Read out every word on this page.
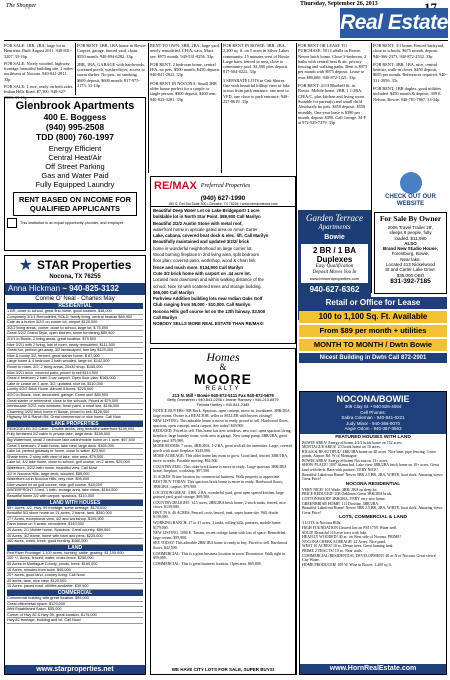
The Shopper	Thursday, September 26, 2013
Real Estate

FOR SALE: 1BR, 2BA, large lot in Henrietta. Built August 2011. 940-841-3207. 33-16p

FOR SALE: Nicely wooded, highway frontage, beautiful building site. 2 miles northwest of Nocona. 940-841-2811. 33p

FOR SALE: 1 acre, ready on both sides. Indian Hills Road. $7,500. 940-327-2333. 33-16p

FOR RENT: 1BR, 1BA house in Bowie. Carport, garage, fenced yard, clean. $550 month. 940-894-6282. 33p

2BR, 1BA, GARAGE with hardwoods, screened porch, washer/dryer, access to storm shelter. No pets, no smoking. $600 deposit, $600 month. 817-975-2173. 33-14p

RENT TO OWN: 3BR, 2BA, large yard, newly remodeled. CH/A, vacs. Must see. $975 month. 940-531-8256. 33p

FOR RENT: 2 bedroom home, central H/A, no pets. $500 month, $450 deposit. 940-841-2822. 33p

FOR RENT IN NOCONA: Small 2BR older house perfect for a couple or single person. $300 deposit, $400 rent. 940-825-3281. 33p

FOR RENT IN BOWIE: 3BR, 2BA, 2,200 sq. ft. on 5 acres in Silver Lakes community. 15 minutes west of Bowie. Large barn, fenced in area, close to community pool. $1,500 plus deposit. 817-504-0222. 33p

3 SEPARATE LOTS in Oak Shores. One with beautiful hilltop view of lake across from park entrance, one next to VFD, one close to park entrance. 940-257-8619. 33p

FOR RENT OR LEASE TO PURCHASE: 501 LaSalle in Bowie. Newer brick home. Close 3-bedroom, 2 baths with central heat & air, privacy fencing and walking paths. Rent is $975 per month with $975 deposit. Lease to own $80,000. 940-872-1421. 33p

FOR RENT: 2113 Bluebell St. in Bowie. Mobile home, 2BR, 1 1/2BA, CH/A/C, plus kitchen and living room. Suitable for parent(s) and small child. Absolutely no pets. $450 deposit. $550 monthly. One-year lease is $390 per month, deposit $390. Call George. M-F at 972-529-7279. 33p

FOR RENT: 3/1 home. Fenced backyard, close to schools. $675 month, deposit. 940-366-2373, 940-872-2532. 33p

FOR RENT: 3BR, 1BA, nice, central heat/air, walk-in closet. $450 deposit, $695 per month. References required. 940-531-2056. 33c

FOR RENT: 1BR duplex, good utilities included. $450 month & deposit. 309 E. Nelson, Bowie. 940-781-7867. 33-34p

Glenbrook Apartments
400 E. Boggess
(940) 995-2508
TDD (800) 760-1997
Energy Efficient
Central Heat/Air
Off Street Parking
Gas and Water Paid
Fully Equipped Laundry
RENT BASED ON INCOME FOR QUALIFIED APPLICANTS
This institution is an equal opportunity provider, and employer
RE/MAX Preferred Properties
(940) 627-1990
150 S. Del Sol Suite 300 • Decatur, TX 76234 • www.remaxntexas.com
Beautiful Deep Water Lot on Lake Bridgeport! 1 acre
buildable lot in North Star Point. $89,900 Call Marilyn
Beautiful 2/2/2 Austin Stone with metal roof,
waterfront home in upscale gated area on Amon Carter
Lake, cabana, covered boat dock & elec. lift. Call Marilyn
Beautifully maintained and updated 3/2/2/ brick
home in wonderful neighborhood on large corner lot.
Wood burning fireplace in 2nd living area, split bedroom
floor plan, covered patio, workshop, wood & chain link
fence and much more. $134,900 Call Marilyn
Cute 3/2 brick home with carport on .44 acre lot.
Located near downtown and within walking distance of the
school. Nice lot with scattered trees and storage building.
$65,000 Call Marilyn
Parkview Addition building lots near Indian Oaks Golf
Club ranging from $5,000 - $10,000. Call Marilyn
Nocona Hills golf course lot on the 13th fairway. $3,500
Call Marilyn
NOBODY SELLS MORE REAL ESTATE THAN RE/MAX!
Garden Terrace
Apartments
Bowie
2 BR / 1 BA
Duplexes
Easy Qualification
Deposit Moves You In
www.bhmentproperties.com
940-627-6362
CHECK OUT OUR WEBSITE
For Sale By Owner
2006 Travel Trailer 28',
sleeps 8 people, fully
loaded. $11,990
ALSO
Brand New Studio House,
Forestburg, Bowie,
Near lake.
Located 413 Nickelwood
St and Carter Lake Drive.
$35,000 OBO
831-392-7185
★ STAR Properties
Nocona, TX 76255
Anna Hickman ~ 940-825-3132
Connie O' Neal - Charles May
RESIDENTIAL
1 BR, close to school, great first home, good location. $38,000
Completely 3/1/1 Remodeled, SOLD, family living, central heat/air $69,900
Cute as a button 3/2/2 on corner lot, carport $120,000
3/2/2 living areas, corner, close to school, large lot, $ 75,500
Great 3/2/2 Grand Style, open kitchen, some furnishing $89,900
2/1/1 in Bowie, 2 living areas, great location. $79,500
Nice 3/2/1 with 2 living, lots of room, newly remodeled, $111,500
Great fun, perfect get-away, 3/2 landscaped, turn key $129,000
Nice & roomy 3/2, fenced, great starter home. $ 87,000
Large home & 4 bedroom 2 bath wooded, large lot. $142,500
Room to roam, 3/2, 2 living areas, 20x30 shop. $165,000
Nice 3/2/1 brick, covered patio, priced to sell $114,900
Great 4 bedroom 2 bath 3 car carport. Open floor plan. $165,000
Lake or Lease on 1 acre. 3/2, updated, nice lot. $110,000
Lovely 4/2/2 Brick Home. Almost 3 Acres. $225,000
4/2/2 in Bowie, nice, decorated, garage. Come see! $89,900
Great starter or retirement, close to the schools. Priced at $79,000
Immaculate 3/2/2, new windows, fresh paint, a must see. $146,000
Charming 3/2/2 brick home in Bowie, priced to sell. $128,500
Highway 59 & Ranch Rd. Great commercial or nice home. Call Now
LAKE PROPERTIES
REMODELED 3/2 Cabin - Double decks, very beautiful waterfront $199,000
Fully furnished 3/2 cabin in private lake, large deck. $189,500
Big Waterfront, small 2 bedroom lake cabin/mobile home on 1 acre. $97,500
Great 3 bedroom, 2 bath home, lake view, large deck. $165,000
Lake lot, perfect getaway or home, close to water. $23,900
Shade trees, 2 story with view of lake, nice area. $79,500
Lake lot, 4/2 lake home, close to school, golf course, on 2 acres. $25,000
Waterfront, 3/2/2 bath home, beautiful view. Call Now!
3/2 in Nocona Hills, large deck, wooded. $85,000
Waterfront lot in Nocona Hills, very nice. $95,000
Nice vacant lot on golf course, near golf course. $18,000
WATERFRONT 3 bed, 1 bath, storage area, lake views. $164,000
Beautiful home 3/2 with carport, spacious. $110,000
LAND WITH HOUSES
58+-Acres; 4/2, Hwy. 59 frontage, some acreage. $170,000
Beautiful 5/3 stone home on 21 acres, 2 barns, tank. $350,000
17+ Acres, exceptional view, 4/2 and workshop. $199,500
Farm house on 9 acres, remodeled. $149,000
20 Acres, 2/1 Mobile home. Spacious. Great country. $89,500
40 Acres, 3/2 frame, home with barn and pens. $225,000
160 acres, creek, trees, good hunting. $480,000
LAND
Red River Frontage! 1,100 acres, hunting, cattle, grazing. $1,100,000
100 +/- Acres, fenced, water, cross fence. $250,000
50 Acres in Montague County, ponds, trees. $160,000
10 Acres, minutes from town. $45,000
20+ acres, good land, country living. Call Now!
40 acres, tank, nice view. $120,000
10 Acres, paved road, utilities available. $39,900
COMMERCIAL
Commercial building with great location. $95,000
Great office/retail space. $129,000
Well Established Salon. $55,000
Corner of Hwy 82 & Hwy 59, great location. $175,000
Hwy 82 frontage, building and lot. Call Now!
www.starproperties.net
Homes
&
MOORE
REALTY
213 N. Mill • Bowie 940-872-5111 Fax 940-872-5679
Betty Overstreet • 940-841-2256 • Jeanie Ramsey • 940-210-8879
Felinda Hartley • 940-841-2385
NOTICE BUYERS: 908 Rock. Spacious, open concept, move in, townhome, 3BR/2BA, large rooms. Owner is a REALTOR. seller or SELLER with buyers closing!!
NEW LISTING: This adorable home is move in ready, priced to sell. Hardwood floors, spacious, open concept, and a carport. See today! $49,900.
REDUCED: Priced to sell. This home has new windows, new roof, open spacious living, fireplace, large laundry room, work area in garage. New sump pump. 3BR/2BA, great large yard. $79,900.
MORE ROOMS: 7 acres, 4BR/2BA, 1-2 BA, great with all the amenities. Large, covered porch with stone fireplace. $145,000.
MORE ACREAGE: This older home has room to grow. Good land, fenced, 3BR/1BA, move in ready. Possible moving. $62,500.
COUNTRY FEEL: This older brick home is move in ready. Large spacious 3BR/2BA home, fireplace, workshop. $97,500.
31 ACRES: Prime location for commercial business. Walk property to appreciate.
BEST BUY TODAY: This spacious brick home is move in ready. Hardwood floors, 3BR/2BA, carport. $79,900.
LOCATION GREAT: 4 BR, 2 BA, wonderful yard, great open spaced kitchen, large grassed yard, good storage. $69,500.
COUNTRY DELIGHT: 14.5 acres, 2BR/2BA brick home, 2 stock tanks, fenced, nice views. $139,900.
HWY 59 S, 46 ACRES: Fenced, cross fenced, tank, super home site. Will divide. $138,000.
WORKING RANCH: 27 to 41 acres, 3 tanks, rolling hills, pastures, mobile home. $179,000.
NEW LISTING: 1000 E. Tarrant, recent cottage home with lots of space. Remodeled, large rooms. $59,900.
SEE TODAY: This adorable 2BR/1BA home is ready to buy. Priced to sell. Hardwood floors. $42,500.
COMMERCIAL: This is a great business location in town. Downtown. Walk right in. $59,000.
COMMERCIAL: This is great business location. Open area. $65,000.
WE HAVE CITY LOTS FOR SALE, SUPER BUYS!
Retail or Office for Lease
100 to 1,100 Sq. Ft. Available
From $89 per month + utilities
MONTH TO MONTH / Dwtn Bowie
Nicest Building in Dwtn Call 872-2901
NOCONA/BOWIE
309 Clay St. • 940-825-4094
Cell Phones:
Sabra Coleman - 940-841-0221
Judy Minor - 940-366-9070
Angie Odom - 940-367-3563
FEATURED HOUSES WITH LAND
BOWIE AREA! Energy efficient 4/2/2 brick home on 152 acres.
MONTAGUE AREA! 2/3 brick home on 10 acres.
RIGGS & BEAUTIFUL! 4BR/3BA home on 40 acres. Nice barn, pipe fencing, 3 nice ponds, Airport Rd. W of Montague.
BOWIE AREA! Energy efficient Nocona on 13+ acres.
SHOW PLACE! 1807 Alamo Ind. Lake view 3BR/2BA brick home on 10+ acres. Great land with deck. Barn with pasture. VERY NICE!
Beautiful Lakefront Home! Newer 5BR 2.5 BR, 2BA, W/BTE, boat dock. Amazing views. Great Price!
NOCONA RESIDENTIAL
VERY NICE! 101 Wade. 3BR/ 2BA on deep lot.
PRICE REDUCED! 208 Oaklawn. Great 3BR/2BA brick.
COTTONWOOD! 3BR/2BA, VERY very nice home.
GREENBRIAR HOME! 111 Dowtiar, 3BR/2BA.
Beautiful Lakefront Home! Newer 5BR 2.5 BR, 2BA, W/BTE, boat dock. Amazing views. Great Price!
LOTS, COMMERCIAL & LAND
3 LOTS in Nocona Hills.
HIGH FOUNDATION Cleared lots on FM 1759. Water well.
SOLD! Beautiful 116 acre tract with lake.
HEAVILY WOODED! 40 ac. on West side of Nocona. PRIME!
NOCONA CREEK ACREAGE! 42 Acres. Nice pond.
WEST 10 ACRES! 10 ac. Dense trees, Great hunting land.
PRIME 2 TRACTS! 10 ac. Near trails.
COMMERCIAL/RESIDENTIAL DEVELOPMENT 40 ac N of Nocona. Great views! City Water.
HOME PRODUCER! 109 W. Wise in Bowie. 1,200 sq ft.
www.HornRealEstate.com
